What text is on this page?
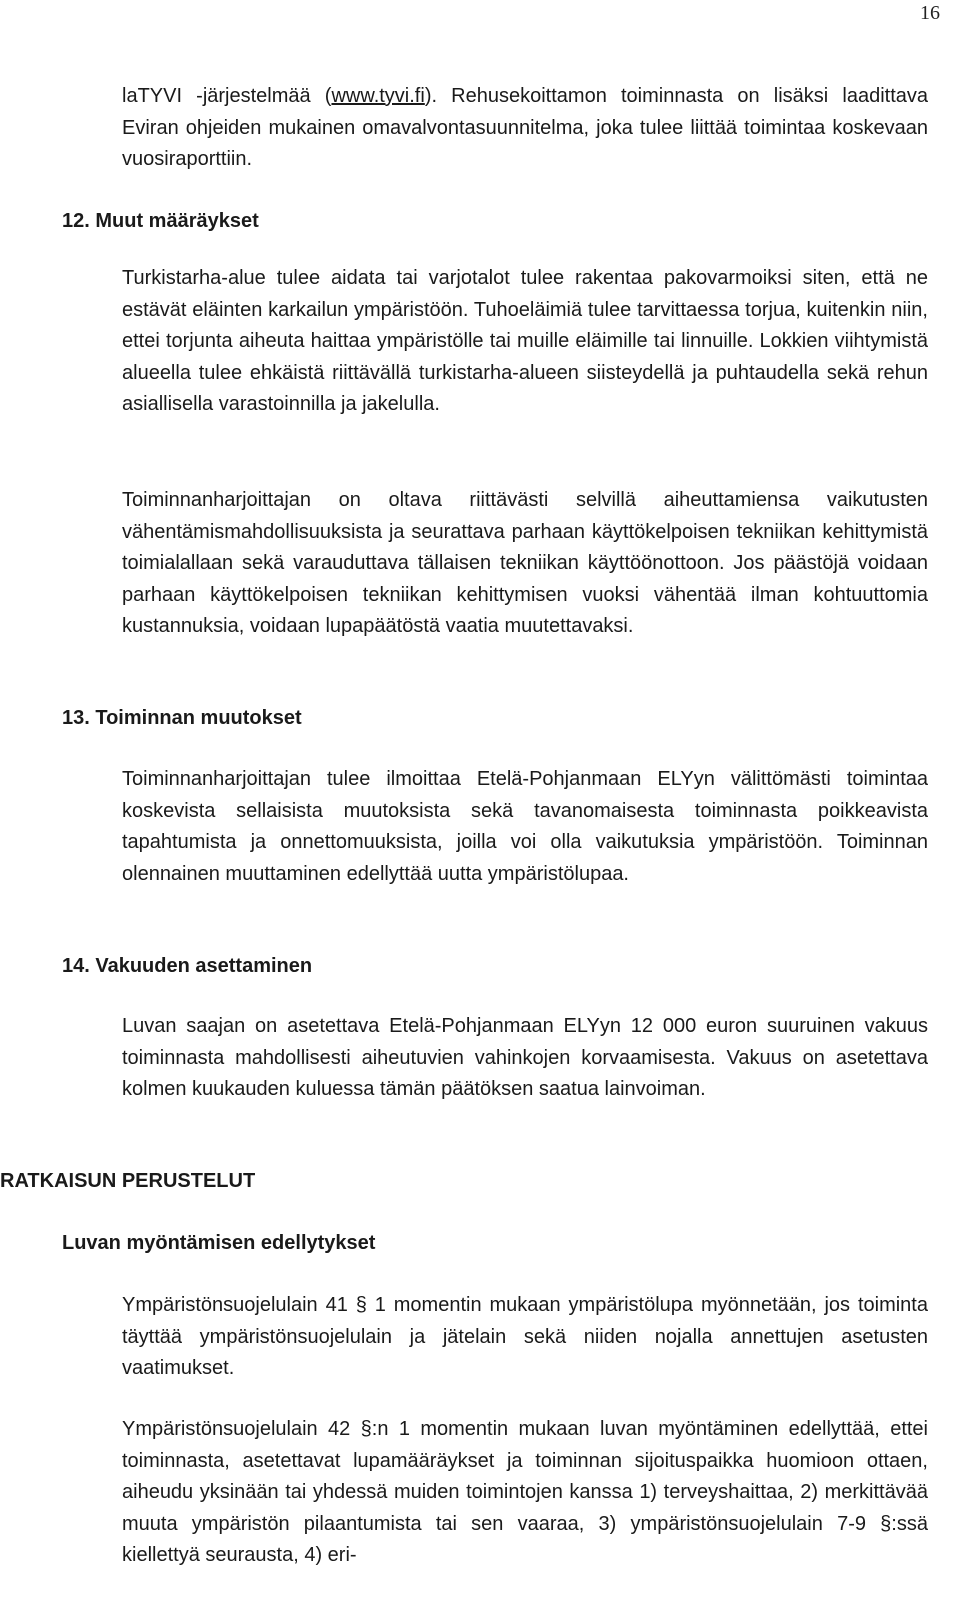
16

laTYVI -järjestelmää (www.tyvi.fi). Rehusekoittamon toiminnasta on lisäksi laadittava Eviran ohjeiden mukainen omavalvontasuunnitelma, joka tulee liittää toimintaa koskevaan vuosiraporttiin.

12. Muut määräykset

Turkistarha-alue tulee aidata tai varjotalot tulee rakentaa pakovarmoiksi siten, että ne estävät eläinten karkailun ympäristöön. Tuhoeläimiä tulee tarvittaessa torjua, kuitenkin niin, ettei torjunta aiheuta haittaa ympäristölle tai muille eläimille tai linnuille. Lokkien viihtymistä alueella tulee ehkäistä riittävällä turkistarha-alueen siisteydellä ja puhtaudella sekä rehun asiallisella varastoinnilla ja jakelulla.

Toiminnanharjoittajan on oltava riittävästi selvillä aiheuttamiensa vaikutusten vähentämismahdollisuuksista ja seurattava parhaan käyttökelpoisen tekniikan kehittymistä toimialallaan sekä varauduttava tällaisen tekniikan käyttöönottoon. Jos päästöjä voidaan parhaan käyttökelpoisen tekniikan kehittymisen vuoksi vähentää ilman kohtuuttomia kustannuksia, voidaan lupapäätöstä vaatia muutettavaksi.

13. Toiminnan muutokset

Toiminnanharjoittajan tulee ilmoittaa Etelä-Pohjanmaan ELYyn välittömästi toimintaa koskevista sellaisista muutoksista sekä tavanomaisesta toiminnasta poikkeavista tapahtumista ja onnettomuuksista, joilla voi olla vaikutuksia ympäristöön. Toiminnan olennainen muuttaminen edellyttää uutta ympäristölupaa.

14. Vakuuden asettaminen

Luvan saajan on asetettava Etelä-Pohjanmaan ELYyn 12 000 euron suuruinen vakuus toiminnasta mahdollisesti aiheutuvien vahinkojen korvaamisesta. Vakuus on asetettava kolmen kuukauden kuluessa tämän päätöksen saatua lainvoiman.

RATKAISUN PERUSTELUT
Luvan myöntämisen edellytykset

Ympäristönsuojelulain 41 § 1 momentin mukaan ympäristölupa myönnetään, jos toiminta täyttää ympäristönsuojelulain ja jätelain sekä niiden nojalla annettujen asetusten vaatimukset.

Ympäristönsuojelulain 42 §:n 1 momentin mukaan luvan myöntäminen edellyttää, ettei toiminnasta, asetettavat lupamääräykset ja toiminnan sijoituspaikka huomioon ottaen, aiheudu yksinään tai yhdessä muiden toimintojen kanssa 1) terveyshaittaa, 2) merkittävää muuta ympäristön pilaantumista tai sen vaaraa, 3) ympäristönsuojelulain 7-9 §:ssä kiellettyä seurausta, 4) eri-
